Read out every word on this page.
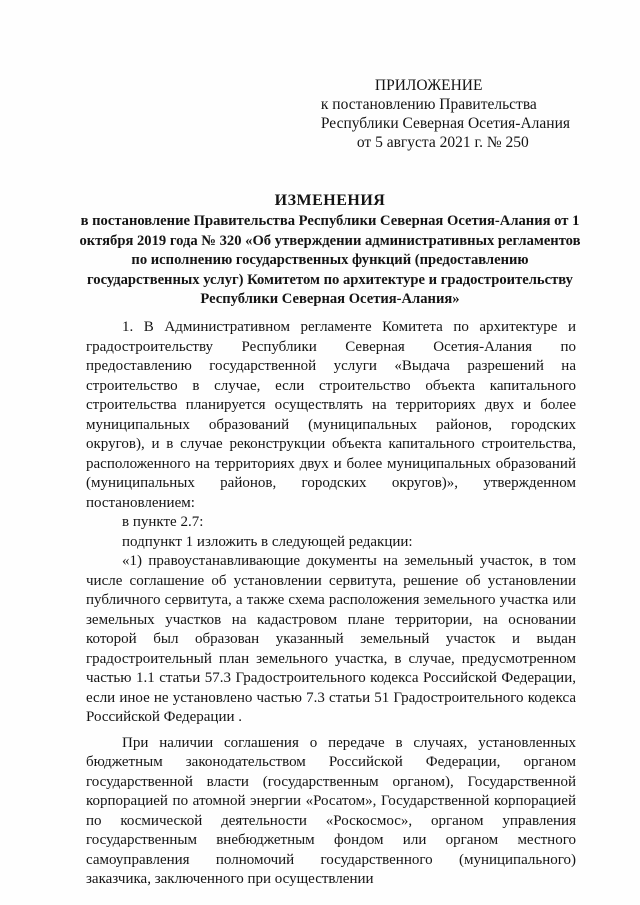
ПРИЛОЖЕНИЕ
к постановлению Правительства
Республики Северная Осетия-Алания
от 5 августа 2021 г. № 250
ИЗМЕНЕНИЯ
в постановление Правительства Республики Северная Осетия-Алания от 1 октября 2019 года № 320 «Об утверждении административных регламентов по исполнению государственных функций (предоставлению государственных услуг) Комитетом по архитектуре и градостроительству Республики Северная Осетия-Алания»

1. В Административном регламенте Комитета по архитектуре и градостроительству Республики Северная Осетия-Алания по предоставлению государственной услуги «Выдача разрешений на строительство в случае, если строительство объекта капитального строительства планируется осуществлять на территориях двух и более муниципальных образований (муниципальных районов, городских округов), и в случае реконструкции объекта капитального строительства, расположенного на территориях двух и более муниципальных образований (муниципальных районов, городских округов)», утвержденном постановлением:

в пункте 2.7:

подпункт 1 изложить в следующей редакции:

«1) правоустанавливающие документы на земельный участок, в том числе соглашение об установлении сервитута, решение об установлении публичного сервитута, а также схема расположения земельного участка или земельных участков на кадастровом плане территории, на основании которой был образован указанный земельный участок и выдан градостроительный план земельного участка, в случае, предусмотренном частью 1.1 статьи 57.3 Градостроительного кодекса Российской Федерации, если иное не установлено частью 7.3 статьи 51 Градостроительного кодекса Российской Федерации .

При наличии соглашения о передаче в случаях, установленных бюджетным законодательством Российской Федерации, органом государственной власти (государственным органом), Государственной корпорацией по атомной энергии «Росатом», Государственной корпорацией по космической деятельности «Роскосмос», органом управления государственным внебюджетным фондом или органом местного самоуправления полномочий государственного (муниципального) заказчика, заключенного при осуществлении
